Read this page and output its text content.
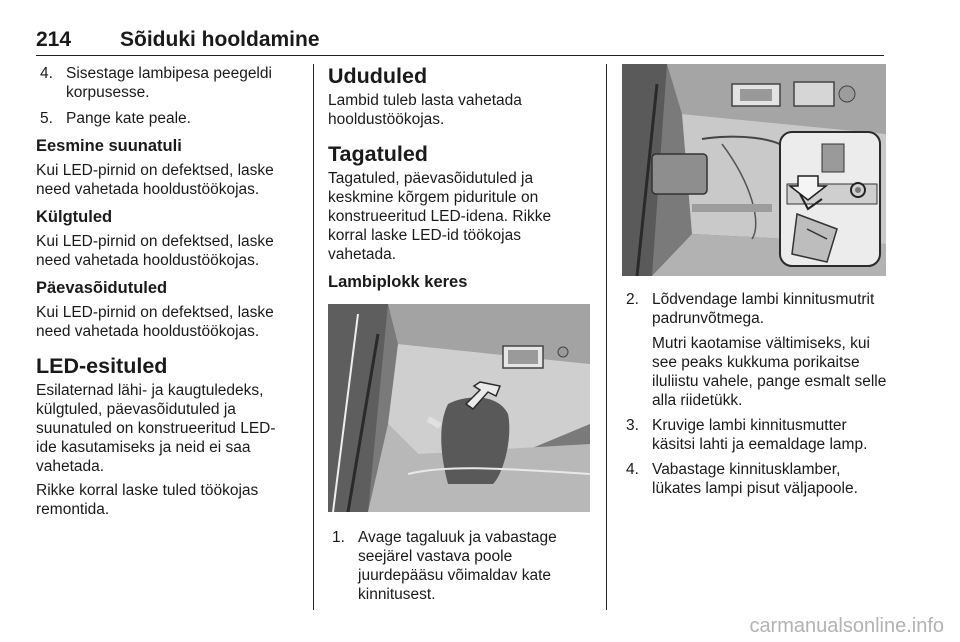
214 Sõiduki hooldamine
4. Sisestage lambipesa peegeldi korpusesse.
5. Pange kate peale.
Eesmine suunatuli

Kui LED-pirnid on defektsed, laske need vahetada hooldustöökojas.

Külgtuled

Kui LED-pirnid on defektsed, laske need vahetada hooldustöökojas.

Päevasõidutuled

Kui LED-pirnid on defektsed, laske need vahetada hooldustöökojas.

LED-esituled

Esilaternad lähi- ja kaugtuledeks, külgtuled, päevasõidutuled ja suunatuled on konstrueeritud LED-ide kasutamiseks ja neid ei saa vahetada.

Rikke korral laske tuled töökojas remontida.

Ududuled

Lambid tuleb lasta vahetada hooldustöökojas.

Tagatuled

Tagatuled, päevasõidutuled ja keskmine kõrgem piduritule on konstrueeritud LED-idena. Rikke korral laske LED-id töökojas vahetada.

Lambiplokk keres
1. Avage tagaluuk ja vabastage seejärel vastava poole juurdepääsu võimaldav kate kinnitusest.
2. Lõdvendage lambi kinnitusmutrit padrunvõtmega.

Mutri kaotamise vältimiseks, kui see peaks kukkuma porikaitse iluliistu vahele, pange esmalt selle alla riidetükk.

3. Kruvige lambi kinnitusmutter käsitsi lahti ja eemaldage lamp.
4. Vabastage kinnitusklamber, lükates lampi pisut väljapoole.
carmanualsonline.info
